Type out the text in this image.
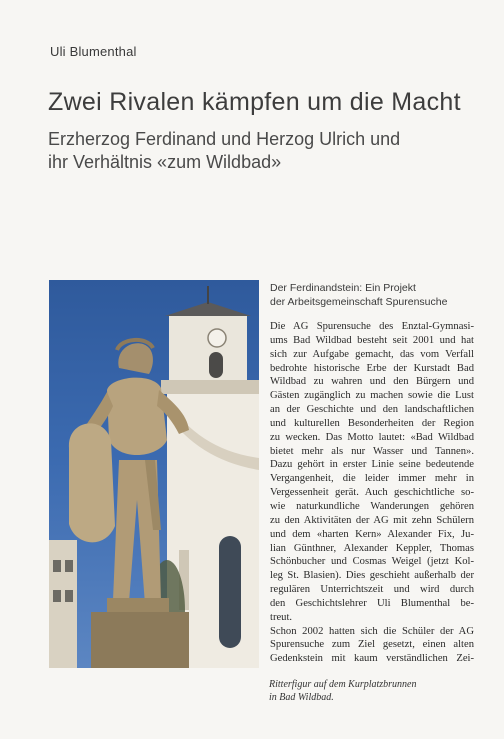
Uli Blumenthal
Zwei Rivalen kämpfen um die Macht
Erzherzog Ferdinand und Herzog Ulrich und
ihr Verhältnis «zum Wildbad»
Der Ferdinandstein: Ein Projekt
der Arbeitsgemeinschaft Spurensuche
Die AG Spurensuche des Enztal-Gymnasi-
ums Bad Wildbad besteht seit 2001 und hat
sich zur Aufgabe gemacht, das vom Verfall
bedrohte historische Erbe der Kurstadt Bad
Wildbad zu wahren und den Bürgern und
Gästen zugänglich zu machen sowie die Lust
an der Geschichte und den landschaftlichen
und kulturellen Besonderheiten der Region
zu wecken. Das Motto lautet: «Bad Wildbad
bietet mehr als nur Wasser und Tannen».
Dazu gehört in erster Linie seine bedeutende
Vergangenheit, die leider immer mehr in
Vergessenheit gerät. Auch geschichtliche so-
wie naturkundliche Wanderungen gehören
zu den Aktivitäten der AG mit zehn Schülern
und dem «harten Kern» Alexander Fix, Ju-
lian Günthner, Alexander Keppler, Thomas
Schönbucher und Cosmas Weigel (jetzt Kol-
leg St. Blasien). Dies geschieht außerhalb der
regulären Unterrichtszeit und wird durch
den Geschichtslehrer Uli Blumenthal be-
treut.
Schon 2002 hatten sich die Schüler der AG
Spurensuche zum Ziel gesetzt, einen alten
Gedenkstein mit kaum verständlichen Zei-
Ritterfigur auf dem Kurplatzbrunnen
in Bad Wildbad.
